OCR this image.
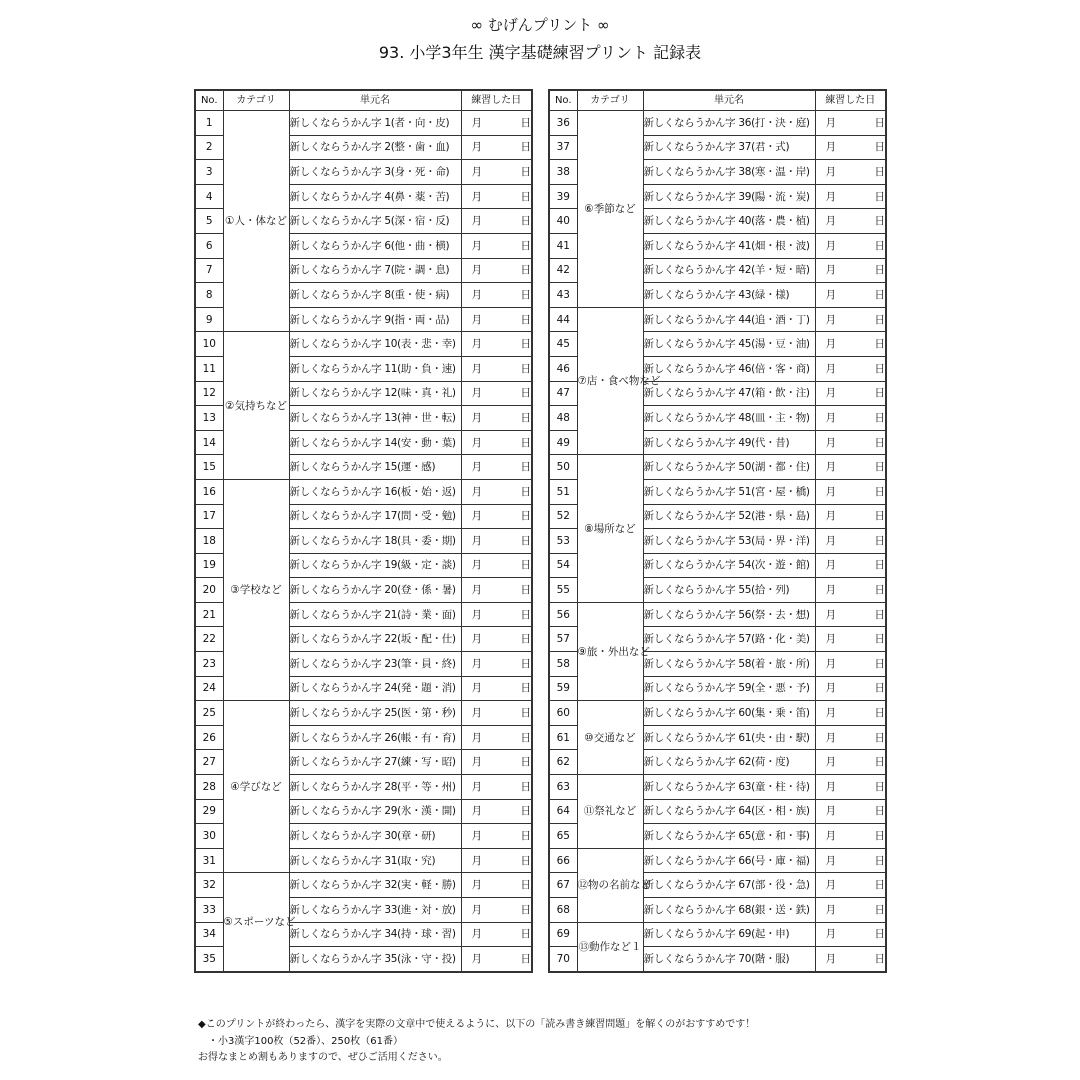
∞ むげんプリント ∞
93. 小学3年生 漢字基礎練習プリント 記録表
No.	カテゴリ	単元名	練習した日
1	①人・体など	新しくならうかん字 1(者・向・皮)	月 日

2		新しくならうかん字 2(整・歯・血)	月 日

3		新しくならうかん字 3(身・死・命)	月 日

4		新しくならうかん字 4(鼻・薬・苦)	月 日

5		新しくならうかん字 5(深・宿・反)	月 日

6		新しくならうかん字 6(他・曲・横)	月 日

7		新しくならうかん字 7(院・調・息)	月 日

8		新しくならうかん字 8(重・使・病)	月 日

9		新しくならうかん字 9(指・両・品)	月 日

10	②気持ちなど	新しくならうかん字 10(表・悲・幸)	月 日

11		新しくならうかん字 11(助・負・速)	月 日

12		新しくならうかん字 12(味・真・礼)	月 日

13		新しくならうかん字 13(神・世・転)	月 日

14		新しくならうかん字 14(安・動・葉)	月 日

15		新しくならうかん字 15(運・感)	月 日

16	③学校など	新しくならうかん字 16(板・始・返)	月 日

17		新しくならうかん字 17(問・受・勉)	月 日

18		新しくならうかん字 18(具・委・期)	月 日

19		新しくならうかん字 19(級・定・談)	月 日

20		新しくならうかん字 20(登・係・暑)	月 日

21		新しくならうかん字 21(詩・業・面)	月 日

22		新しくならうかん字 22(坂・配・仕)	月 日

23		新しくならうかん字 23(筆・員・終)	月 日

24		新しくならうかん字 24(発・題・消)	月 日

25	④学びなど	新しくならうかん字 25(医・第・秒)	月 日

26		新しくならうかん字 26(帳・有・育)	月 日

27		新しくならうかん字 27(練・写・昭)	月 日

28		新しくならうかん字 28(平・等・州)	月 日

29		新しくならうかん字 29(氷・漢・開)	月 日

30		新しくならうかん字 30(章・研)	月 日

31		新しくならうかん字 31(取・究)	月 日

32	⑤スポーツなど	新しくならうかん字 32(実・軽・勝)	月 日

33		新しくならうかん字 33(進・対・放)	月 日

34		新しくならうかん字 34(持・球・習)	月 日

35		新しくならうかん字 35(泳・守・投)	月 日
No.	カテゴリ	単元名	練習した日
36	⑥季節など	新しくならうかん字 36(打・決・庭)	月 日

37		新しくならうかん字 37(君・式)	月 日

38		新しくならうかん字 38(寒・温・岸)	月 日

39		新しくならうかん字 39(陽・流・炭)	月 日

40		新しくならうかん字 40(落・農・植)	月 日

41		新しくならうかん字 41(畑・根・波)	月 日

42		新しくならうかん字 42(羊・短・暗)	月 日

43		新しくならうかん字 43(緑・様)	月 日

44	⑦店・食べ物など	新しくならうかん字 44(追・酒・丁)	月 日

45		新しくならうかん字 45(湯・豆・油)	月 日

46		新しくならうかん字 46(倍・客・商)	月 日

47		新しくならうかん字 47(箱・飲・注)	月 日

48		新しくならうかん字 48(皿・主・物)	月 日

49		新しくならうかん字 49(代・昔)	月 日

50	⑧場所など	新しくならうかん字 50(湖・都・住)	月 日

51		新しくならうかん字 51(宮・屋・橋)	月 日

52		新しくならうかん字 52(港・県・島)	月 日

53		新しくならうかん字 53(局・界・洋)	月 日

54		新しくならうかん字 54(次・遊・館)	月 日

55		新しくならうかん字 55(拾・列)	月 日

56	⑨旅・外出など	新しくならうかん字 56(祭・去・想)	月 日

57		新しくならうかん字 57(路・化・美)	月 日

58		新しくならうかん字 58(着・旅・所)	月 日

59		新しくならうかん字 59(全・悪・予)	月 日

60	⑩交通など	新しくならうかん字 60(集・乗・笛)	月 日

61		新しくならうかん字 61(央・由・駅)	月 日

62		新しくならうかん字 62(荷・度)	月 日

63	⑪祭礼など	新しくならうかん字 63(童・柱・待)	月 日

64		新しくならうかん字 64(区・相・族)	月 日

65		新しくならうかん字 65(意・和・事)	月 日

66	⑫物の名前など	新しくならうかん字 66(号・庫・福)	月 日

67		新しくならうかん字 67(部・役・急)	月 日

68		新しくならうかん字 68(銀・送・鉄)	月 日

69	⑬動作など１	新しくならうかん字 69(起・申)	月 日

70		新しくならうかん字 70(階・服)	月 日
◆このプリントが終わったら、漢字を実際の文章中で使えるように、以下の「読み書き練習問題」を解くのがおすすめです！
　・小3漢字100枚（52番）、250枚（61番）
お得なまとめ割もありますので、ぜひご活用ください。
